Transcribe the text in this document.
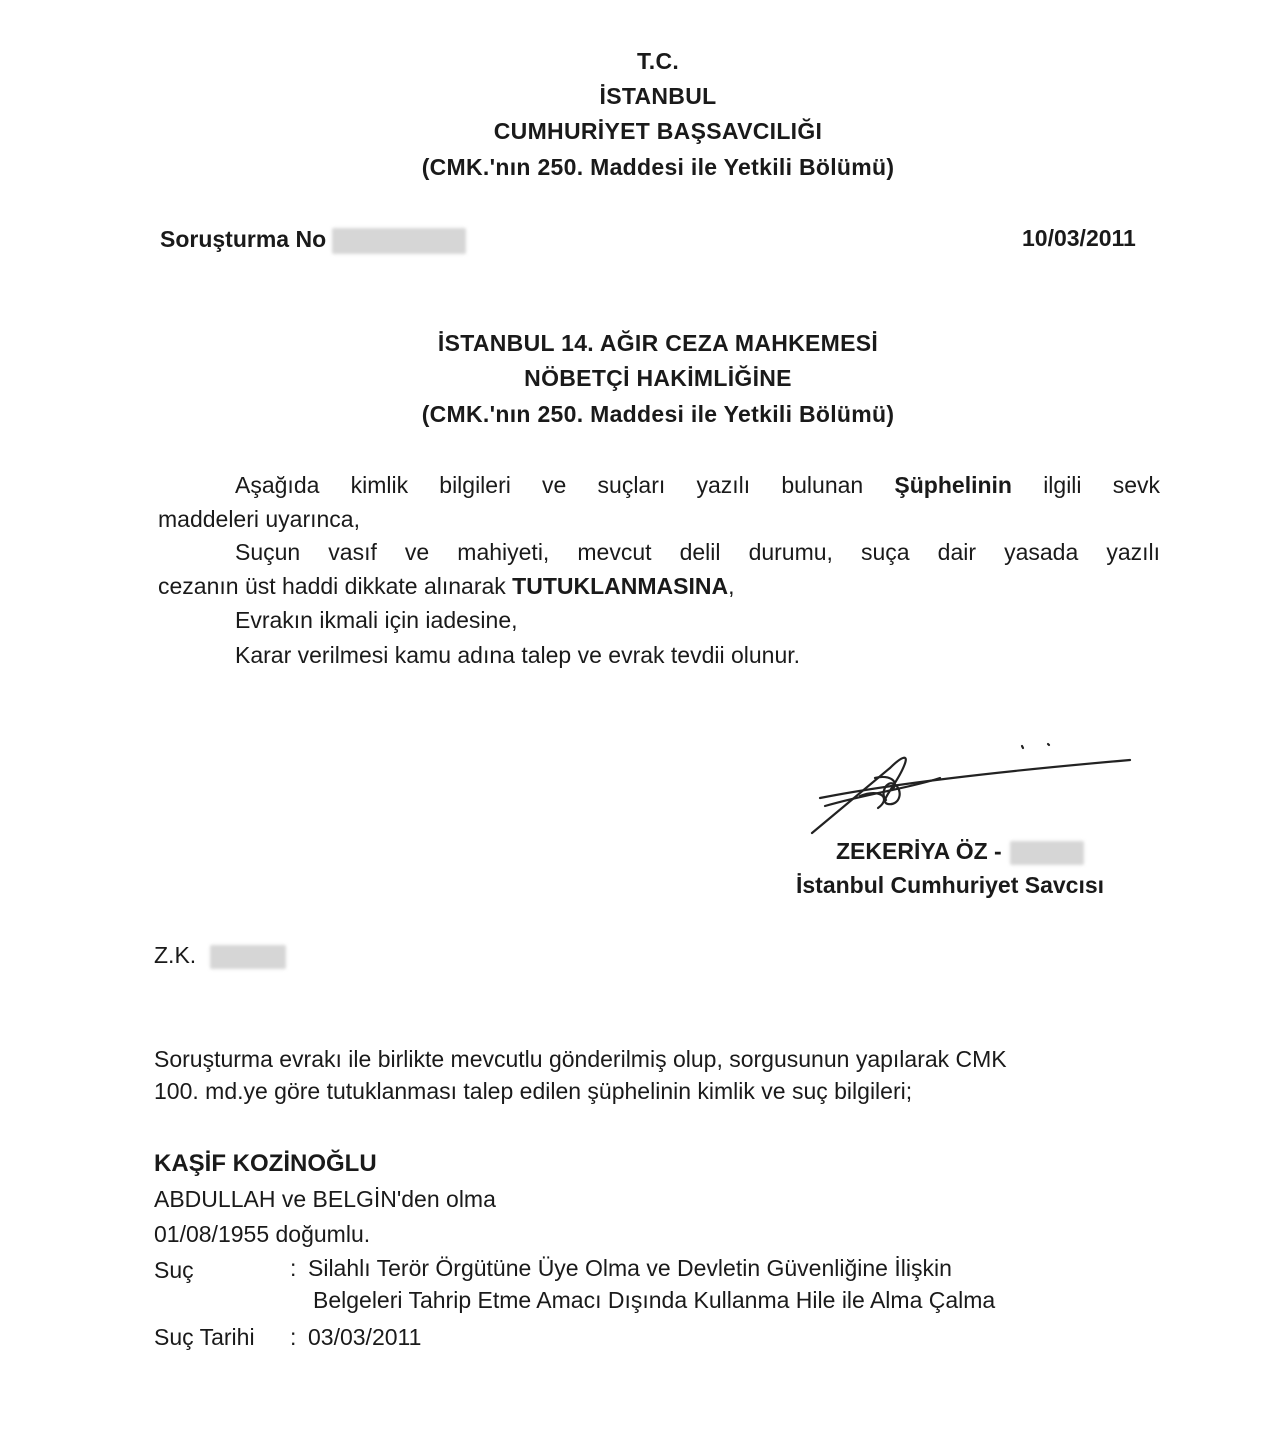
T.C.
İSTANBUL
CUMHURİYET BAŞSAVCILIĞI
(CMK.'nın 250. Maddesi ile Yetkili Bölümü)
Soruşturma No	10/03/2011
İSTANBUL 14. AĞIR CEZA MAHKEMESİ
NÖBETÇİ HAKİMLİĞİNE
(CMK.'nın 250. Maddesi ile Yetkili Bölümü)
Aşağıda kimlik bilgileri ve suçları yazılı bulunan Şüphelinin ilgili sevk
maddeleri uyarınca,
Suçun vasıf ve mahiyeti, mevcut delil durumu, suça dair yasada yazılı
cezanın üst haddi dikkate alınarak TUTUKLANMASINA,
Evrakın ikmali için iadesine,
Karar verilmesi kamu adına talep ve evrak tevdii olunur.
ZEKERİYA ÖZ -
İstanbul Cumhuriyet Savcısı
Z.K.
Soruşturma evrakı ile birlikte mevcutlu gönderilmiş olup, sorgusunun yapılarak CMK
100. md.ye göre tutuklanması talep edilen şüphelinin kimlik ve suç bilgileri;
KAŞİF KOZİNOĞLU
ABDULLAH ve BELGİN'den olma
01/08/1955 doğumlu.
Suç	: Silahlı Terör Örgütüne Üye Olma ve Devletin Güvenliğine İlişkin
Belgeleri Tahrip Etme Amacı Dışında Kullanma Hile ile Alma Çalma
Suç Tarihi : 03/03/2011
